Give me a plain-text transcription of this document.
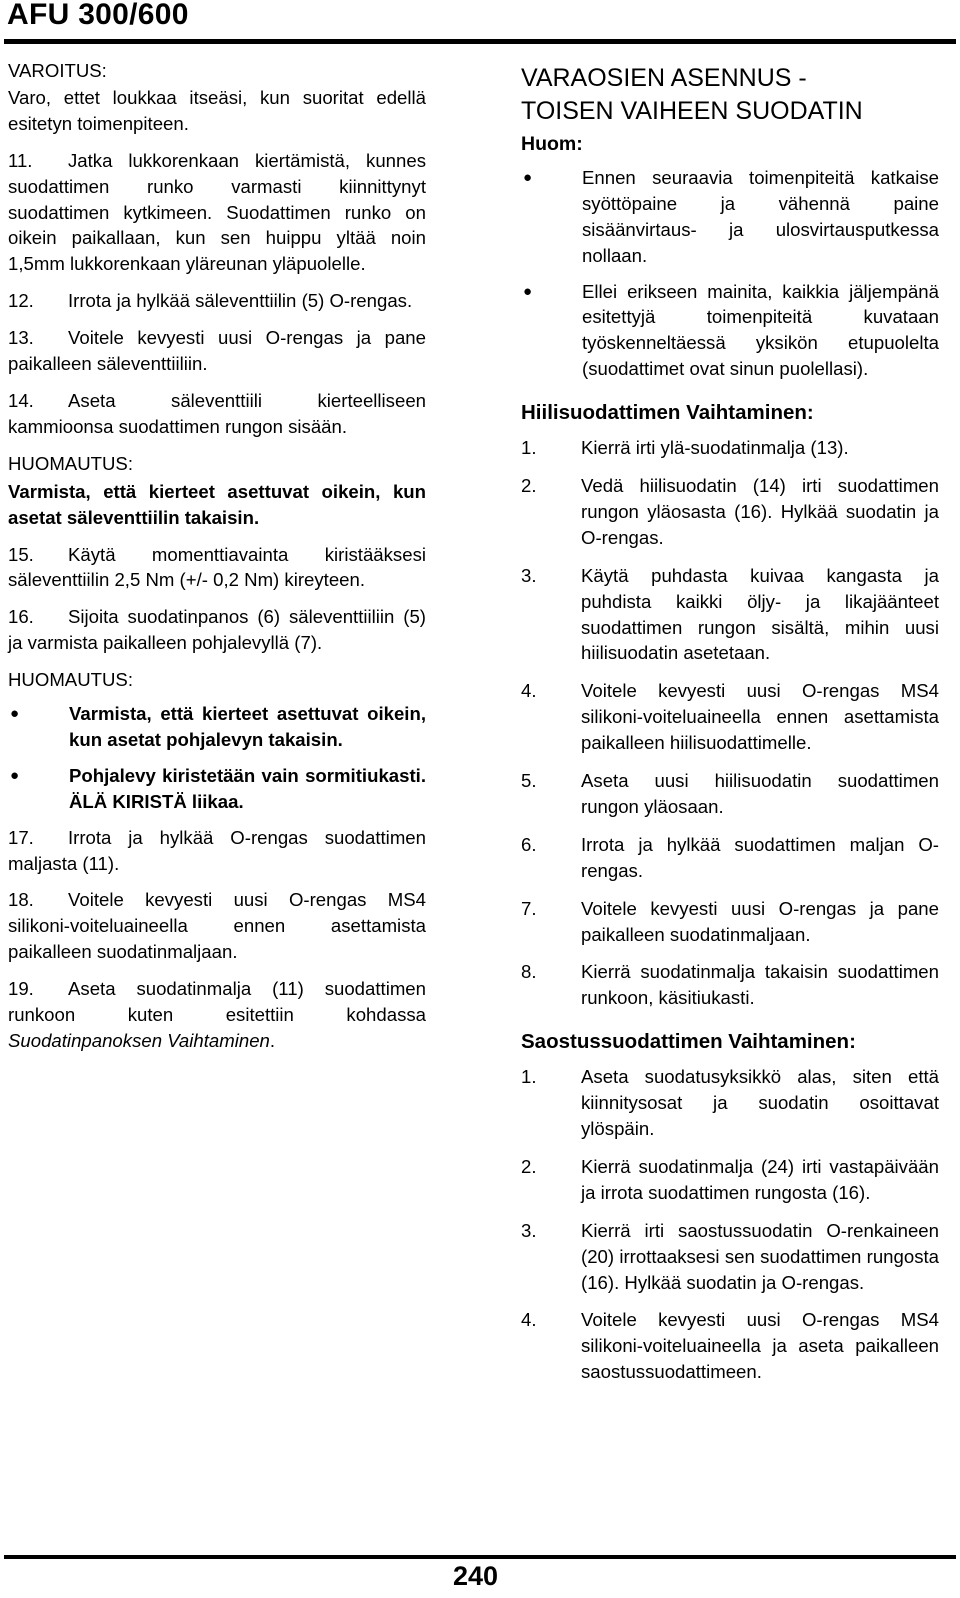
AFU 300/600
VAROITUS:

Varo, ettet loukkaa itseäsi, kun suoritat edellä esitetyn toimenpiteen.

11. Jatka lukkorenkaan kiertämistä, kunnes suodattimen runko varmasti kiinnittynyt suodattimen kytkimeen. Suodattimen runko on oikein paikallaan, kun sen huippu yltää noin 1,5mm lukkorenkaan yläreunan yläpuolelle.

12. Irrota ja hylkää säleventtiilin (5) O-rengas.

13. Voitele kevyesti uusi O-rengas ja pane paikalleen säleventtiiliin.

14. Aseta säleventtiili kierteelliseen kammioonsa suodattimen rungon sisään.

HUOMAUTUS:

Varmista, että kierteet asettuvat oikein, kun asetat säleventtiilin takaisin.

15. Käytä momenttiavainta kiristääksesi säleventtiilin 2,5 Nm (+/- 0,2 Nm) kireyteen.

16. Sijoita suodatinpanos (6) säleventtiiliin (5) ja varmista paikalleen pohjalevyllä (7).

HUOMAUTUS:
●	Varmista, että kierteet asettuvat oikein, kun asetat pohjalevyn takaisin.
●	Pohjalevy kiristetään vain sormitiukasti. ÄLÄ KIRISTÄ liikaa.

17. Irrota ja hylkää O-rengas suodattimen maljasta (11).

18. Voitele kevyesti uusi O-rengas MS4 silikoni-voiteluaineella ennen asettamista paikalleen suodatinmaljaan.

19. Aseta suodatinmalja (11) suodattimen runkoon kuten esitettiin kohdassa Suodatinpanoksen Vaihtaminen.

VARAOSIEN ASENNUS -
TOISEN VAIHEEN SUODATIN
Huom:
●	Ennen seuraavia toimenpiteitä katkaise syöttöpaine ja vähennä paine sisäänvirtaus- ja ulosvirtausputkessa nollaan.
●	Ellei erikseen mainita, kaikkia jäljempänä esitettyjä toimenpiteitä kuvataan työskenneltäessä yksikön etupuolelta (suodattimet ovat sinun puolellasi).
Hiilisuodattimen Vaihtaminen:
1.	Kierrä irti ylä-suodatinmalja (13).
2.	Vedä hiilisuodatin (14) irti suodattimen rungon yläosasta (16). Hylkää suodatin ja O-rengas.
3.	Käytä puhdasta kuivaa kangasta ja puhdista kaikki öljy- ja likajäänteet suodattimen rungon sisältä, mihin uusi hiilisuodatin asetetaan.
4.	Voitele kevyesti uusi O-rengas MS4 silikoni-voiteluaineella ennen asettamista paikalleen hiilisuodattimelle.
5.	Aseta uusi hiilisuodatin suodattimen rungon yläosaan.
6.	Irrota ja hylkää suodattimen maljan O-rengas.
7.	Voitele kevyesti uusi O-rengas ja pane paikalleen suodatinmaljaan.
8.	Kierrä suodatinmalja takaisin suodattimen runkoon, käsitiukasti.
Saostussuodattimen Vaihtaminen:
1.	Aseta suodatusyksikkö alas, siten että kiinnitysosat ja suodatin osoittavat ylöspäin.
2.	Kierrä suodatinmalja (24) irti vastapäivään ja irrota suodattimen rungosta (16).
3.	Kierrä irti saostussuodatin O-renkaineen (20) irrottaaksesi sen suodattimen rungosta (16). Hylkää suodatin ja O-rengas.
4.	Voitele kevyesti uusi O-rengas MS4 silikoni-voiteluaineella ja aseta paikalleen saostussuodattimeen.
240
